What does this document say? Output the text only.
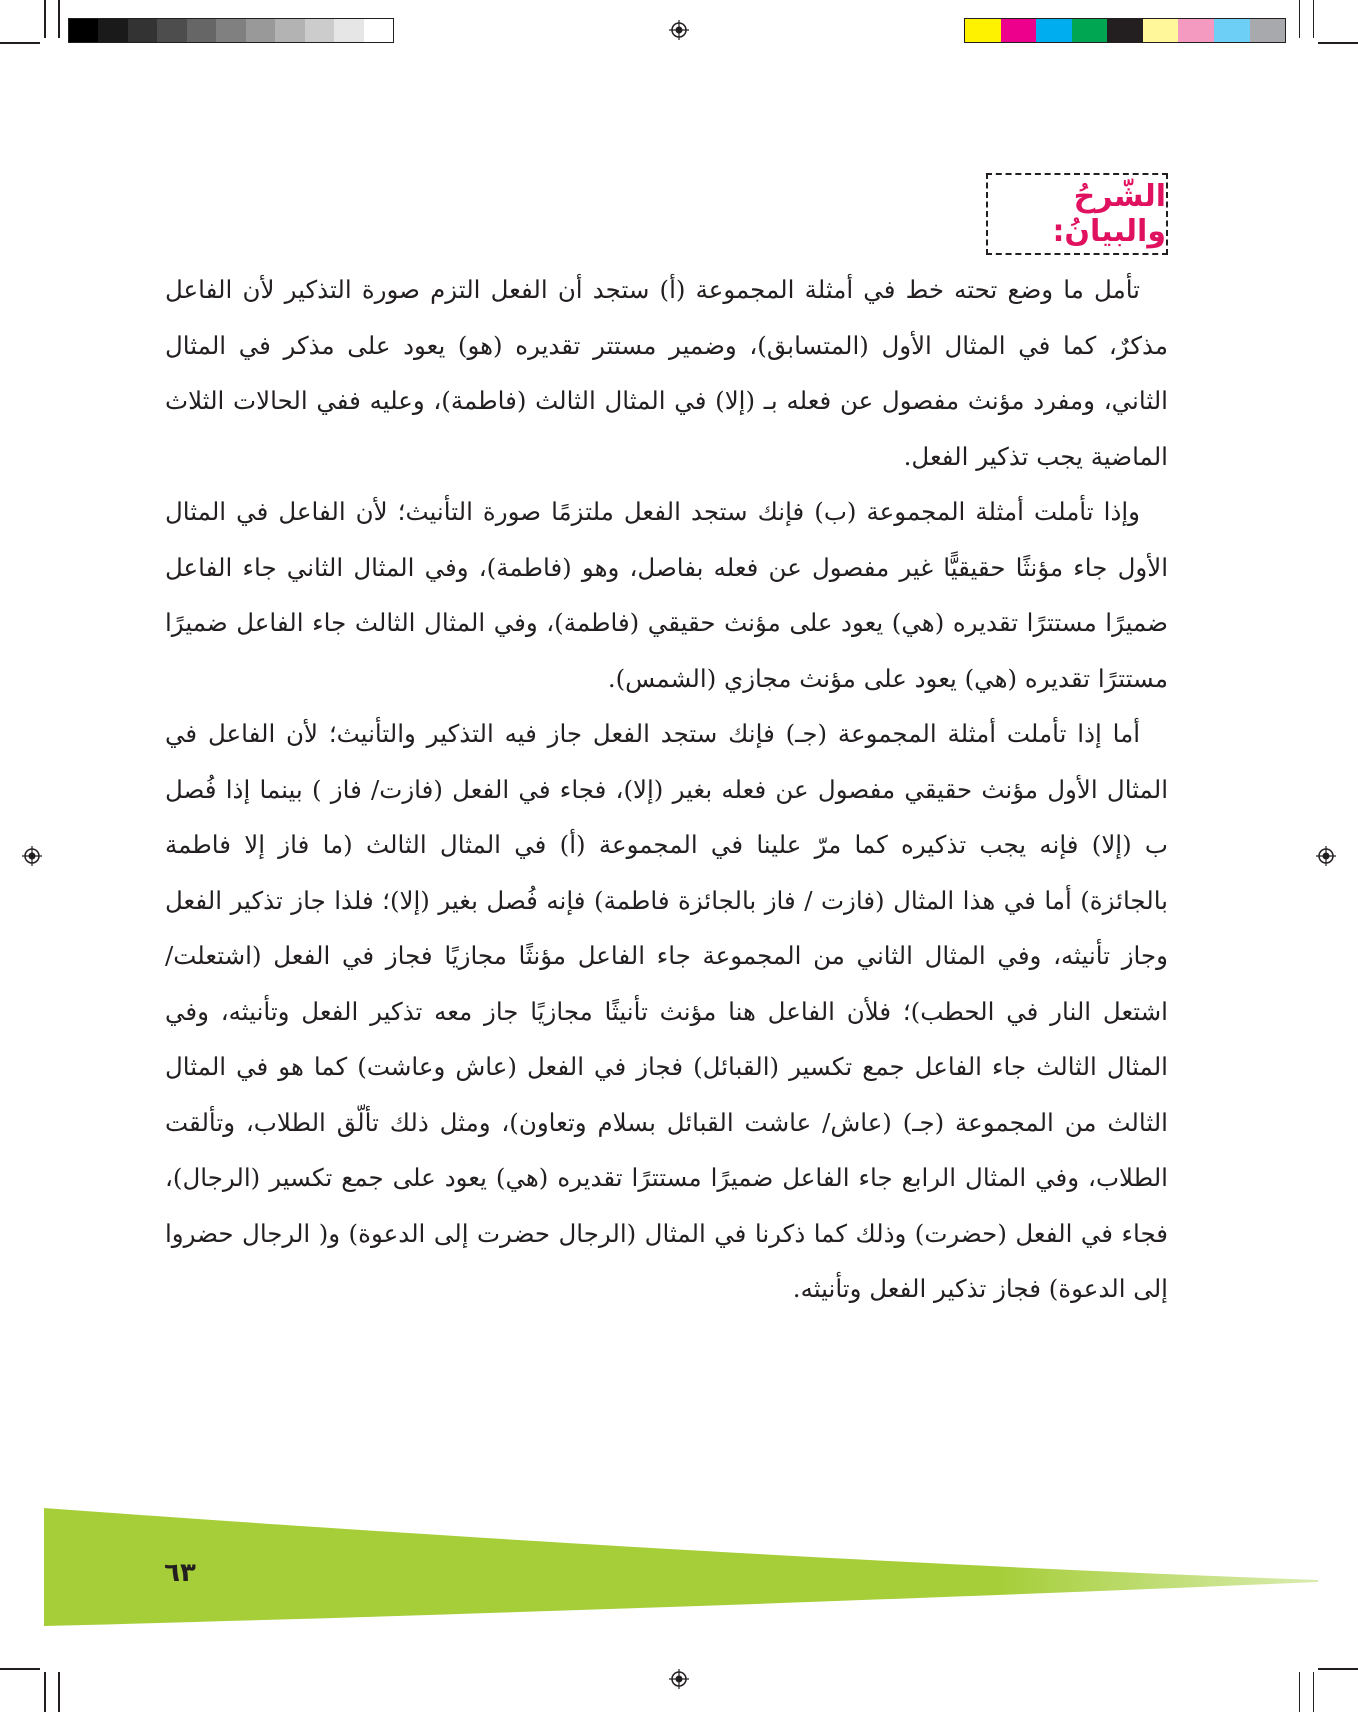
الشّرحُ والبيانُ:

تأمل ما وضع تحته خط في أمثلة المجموعة (أ) ستجد أن الفعل التزم صورة التذكير لأن الفاعل مذكرٌ، كما في المثال الأول (المتسابق)، وضمير مستتر تقديره (هو) يعود على مذكر في المثال الثاني، ومفرد مؤنث مفصول عن فعله بـ (إلا) في المثال الثالث (فاطمة)، وعليه ففي الحالات الثلاث الماضية يجب تذكير الفعل.

وإذا تأملت أمثلة المجموعة (ب) فإنك ستجد الفعل ملتزمًا صورة التأنيث؛ لأن الفاعل في المثال الأول جاء مؤنثًا حقيقيًّا غير مفصول عن فعله بفاصل، وهو (فاطمة)، وفي المثال الثاني جاء الفاعل ضميرًا مستترًا تقديره (هي) يعود على مؤنث حقيقي (فاطمة)، وفي المثال الثالث جاء الفاعل ضميرًا مستترًا تقديره (هي) يعود على مؤنث مجازي (الشمس).

أما إذا تأملت أمثلة المجموعة (جـ) فإنك ستجد الفعل جاز فيه التذكير والتأنيث؛ لأن الفاعل في المثال الأول مؤنث حقيقي مفصول عن فعله بغير (إلا)، فجاء في الفعل (فازت/ فاز ) بينما إذا فُصل ب (إلا) فإنه يجب تذكيره كما مرّ علينا في المجموعة (أ) في المثال الثالث (ما فاز إلا فاطمة بالجائزة) أما في هذا المثال (فازت / فاز بالجائزة فاطمة) فإنه فُصل بغير (إلا)؛ فلذا جاز تذكير الفعل وجاز تأنيثه، وفي المثال الثاني من المجموعة جاء الفاعل مؤنثًا مجازيًا فجاز في الفعل (اشتعلت/ اشتعل النار في الحطب)؛ فلأن الفاعل هنا مؤنث تأنيثًا مجازيًا جاز معه تذكير الفعل وتأنيثه، وفي المثال الثالث جاء الفاعل جمع تكسير (القبائل) فجاز في الفعل (عاش وعاشت) كما هو في المثال الثالث من المجموعة (جـ) (عاش/ عاشت القبائل بسلام وتعاون)، ومثل ذلك تألّق الطلاب، وتألقت الطلاب، وفي المثال الرابع جاء الفاعل ضميرًا مستترًا تقديره (هي) يعود على جمع تكسير (الرجال)، فجاء في الفعل (حضرت) وذلك كما ذكرنا في المثال (الرجال حضرت إلى الدعوة) و( الرجال حضروا إلى الدعوة) فجاز تذكير الفعل وتأنيثه.

٦٣
